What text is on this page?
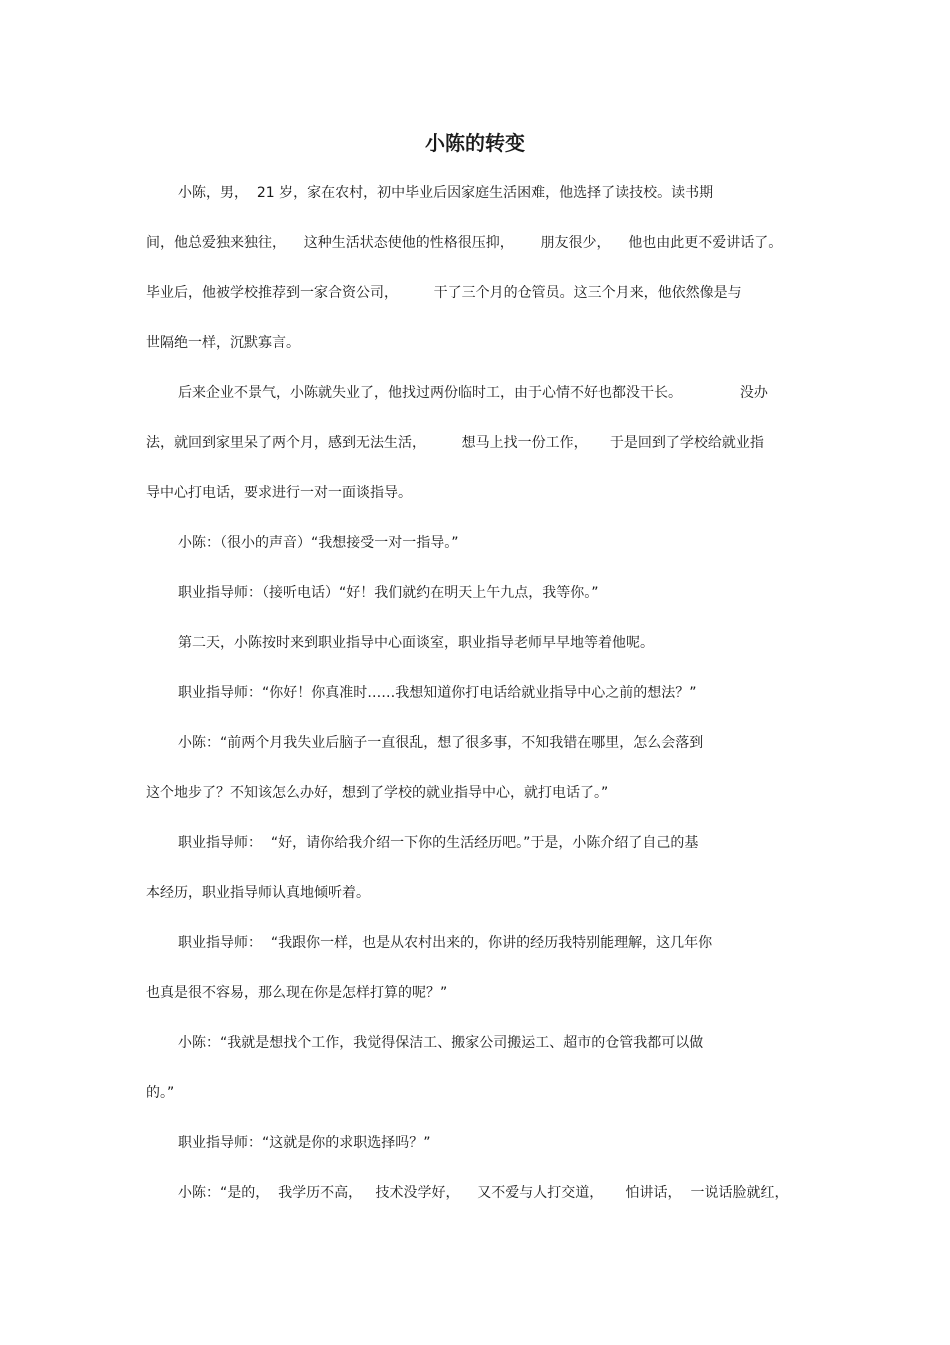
小陈的转变

小陈，男，  21 岁，家在农村，初中毕业后因家庭生活困难，他选择了读技校。读书期

间，他总爱独来独往，    这种生活状态使他的性格很压抑，      朋友很少，    他也由此更不爱讲话了。

毕业后，他被学校推荐到一家合资公司，        干了三个月的仓管员。这三个月来，他依然像是与

世隔绝一样，沉默寡言。

后来企业不景气，小陈就失业了，他找过两份临时工，由于心情不好也都没干长。             没办

法，就回到家里呆了两个月，感到无法生活，        想马上找一份工作，     于是回到了学校给就业指

导中心打电话，要求进行一对一面谈指导。

小陈：（很小的声音）“我想接受一对一指导。”

职业指导师：（接听电话）“好！我们就约在明天上午九点，我等你。”

第二天，小陈按时来到职业指导中心面谈室，职业指导老师早早地等着他呢。

职业指导师：“你好！你真准时……我想知道你打电话给就业指导中心之前的想法？”

小陈：“前两个月我失业后脑子一直很乱，想了很多事，不知我错在哪里，怎么会落到

这个地步了？不知该怎么办好，想到了学校的就业指导中心，就打电话了。”

职业指导师：  “好，请你给我介绍一下你的生活经历吧。”于是，小陈介绍了自己的基

本经历，职业指导师认真地倾听着。

职业指导师：  “我跟你一样，也是从农村出来的，你讲的经历我特别能理解，这几年你

也真是很不容易，那么现在你是怎样打算的呢？”

小陈：“我就是想找个工作，我觉得保洁工、搬家公司搬运工、超市的仓管我都可以做

的。”

职业指导师：“这就是你的求职选择吗？”

小陈：“是的，  我学历不高，   技术没学好，    又不爱与人打交道，     怕讲话，  一说话脸就红，
